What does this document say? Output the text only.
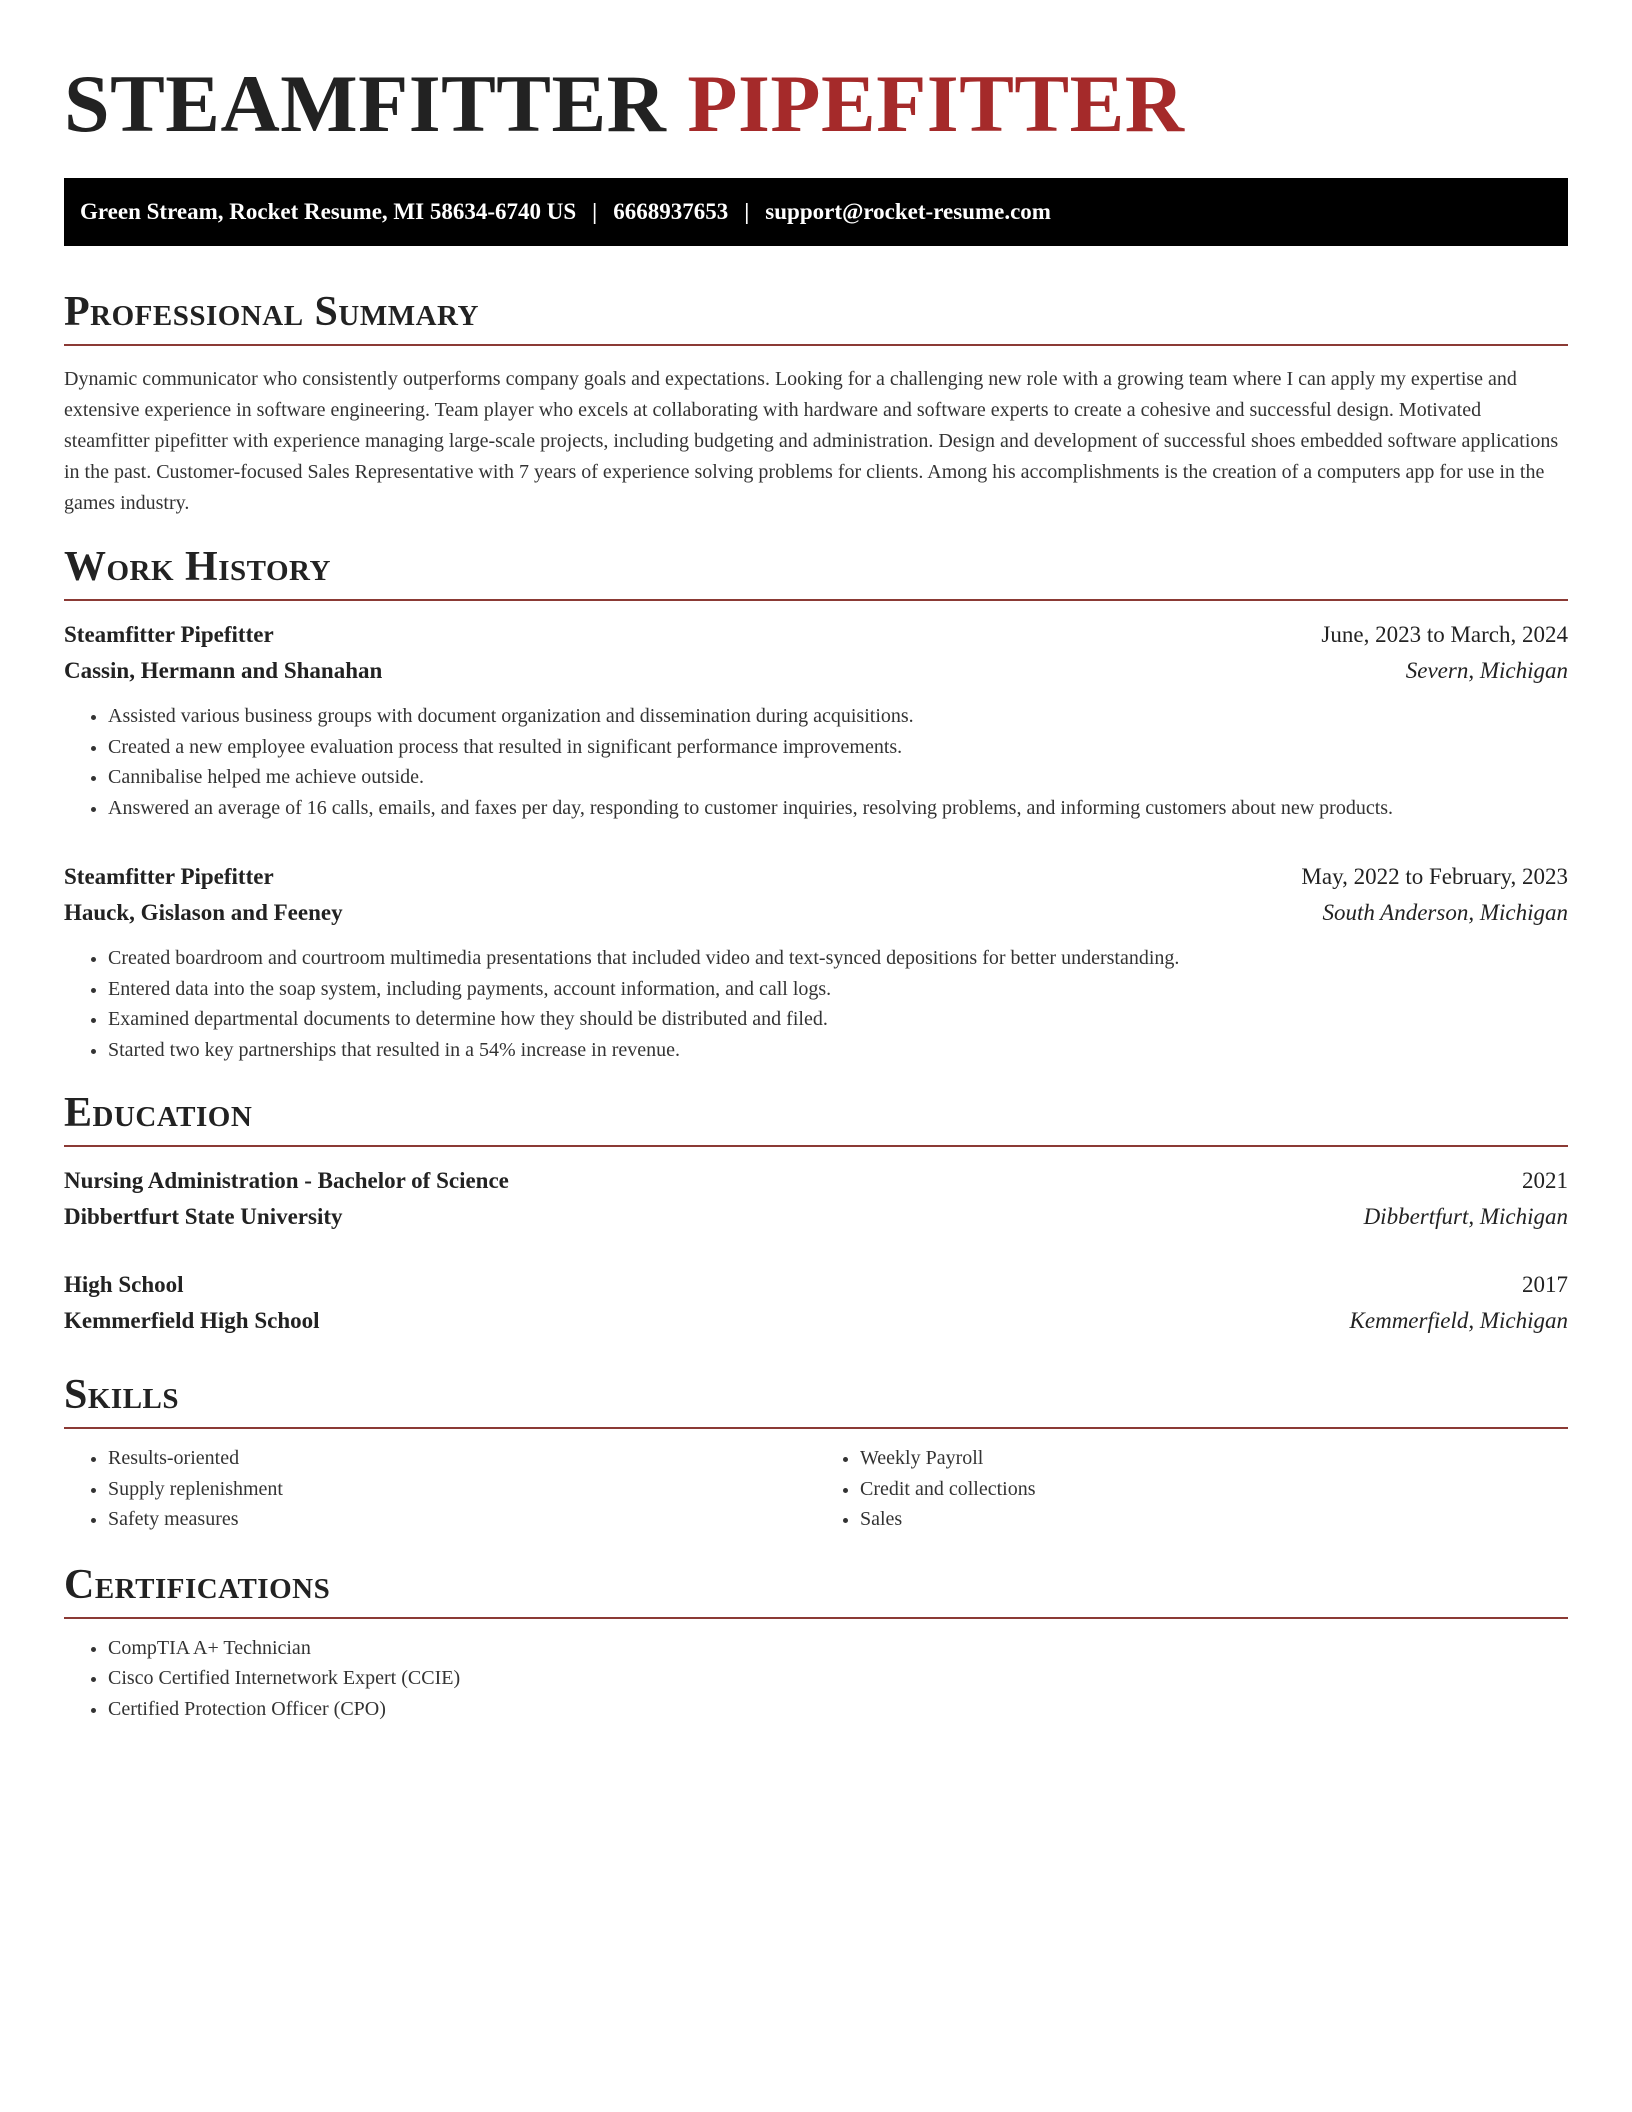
STEAMFITTER PIPEFITTER
Green Stream, Rocket Resume, MI 58634-6740 US | 6668937653 | support@rocket-resume.com
Professional Summary

Dynamic communicator who consistently outperforms company goals and expectations. Looking for a challenging new role with a growing team where I can apply my expertise and extensive experience in software engineering. Team player who excels at collaborating with hardware and software experts to create a cohesive and successful design. Motivated steamfitter pipefitter with experience managing large-scale projects, including budgeting and administration. Design and development of successful shoes embedded software applications in the past. Customer-focused Sales Representative with 7 years of experience solving problems for clients. Among his accomplishments is the creation of a computers app for use in the games industry.

Work History
Steamfitter Pipefitter	June, 2023 to March, 2024
Cassin, Hermann and Shanahan	Severn, Michigan
• Assisted various business groups with document organization and dissemination during acquisitions.
• Created a new employee evaluation process that resulted in significant performance improvements.
• Cannibalise helped me achieve outside.
• Answered an average of 16 calls, emails, and faxes per day, responding to customer inquiries, resolving problems, and informing customers about new products.
Steamfitter Pipefitter	May, 2022 to February, 2023
Hauck, Gislason and Feeney	South Anderson, Michigan
• Created boardroom and courtroom multimedia presentations that included video and text-synced depositions for better understanding.
• Entered data into the soap system, including payments, account information, and call logs.
• Examined departmental documents to determine how they should be distributed and filed.
• Started two key partnerships that resulted in a 54% increase in revenue.
Education
Nursing Administration - Bachelor of Science	2021
Dibbertfurt State University	Dibbertfurt, Michigan
High School	2017
Kemmerfield High School	Kemmerfield, Michigan
Skills
• Results-oriented
• Supply replenishment
• Safety measures
• Weekly Payroll
• Credit and collections
• Sales
Certifications
• CompTIA A+ Technician
• Cisco Certified Internetwork Expert (CCIE)
• Certified Protection Officer (CPO)
